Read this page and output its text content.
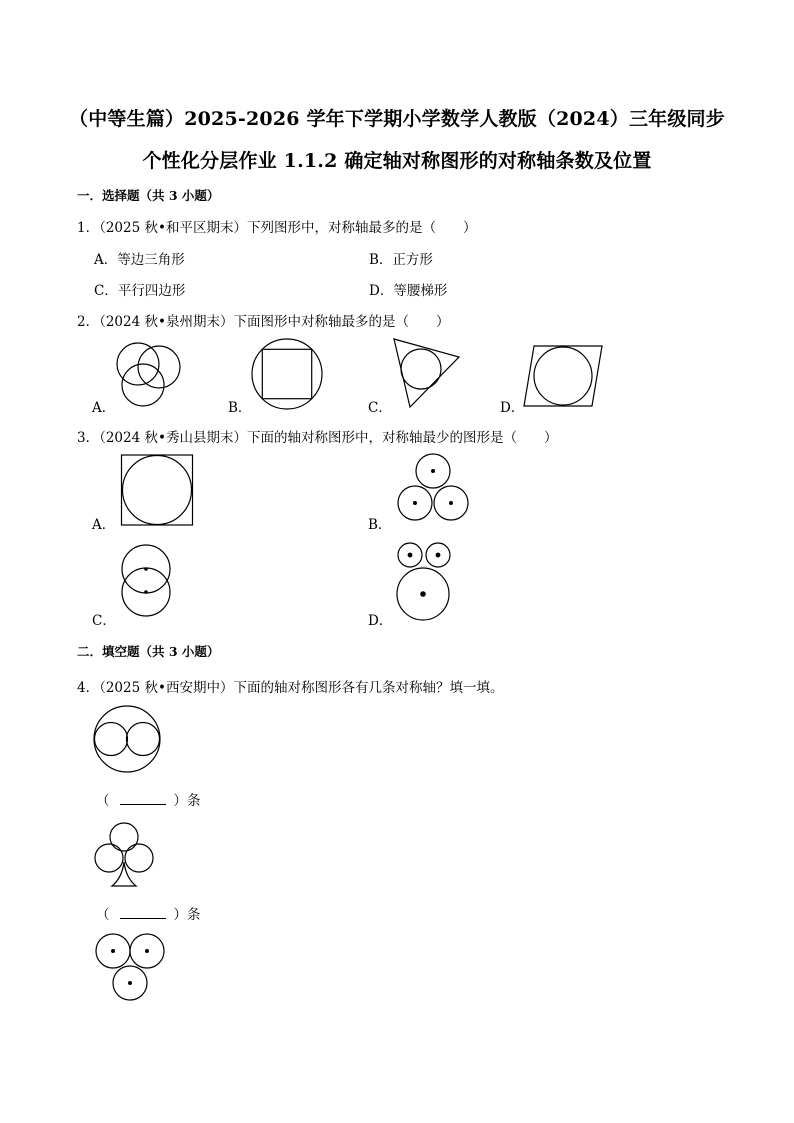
（中等生篇）2025-2026 学年下学期小学数学人教版（2024）三年级同步
个性化分层作业 1.1.2 确定轴对称图形的对称轴条数及位置
一．选择题（共 3 小题）
1．（2025 秋•和平区期末）下列图形中，对称轴最多的是（　　）
A．等边三角形	B．正方形
C．平行四边形	D．等腰梯形
2．（2024 秋•泉州期末）下面图形中对称轴最多的是（　　）
A．	B．	C．	D．
3．（2024 秋•秀山县期末）下面的轴对称图形中，对称轴最少的图形是（　　）
A．	B．
C．	D．
二．填空题（共 3 小题）
4．（2025 秋•西安期中）下面的轴对称图形各有几条对称轴？填一填。
（	）条
（	）条
